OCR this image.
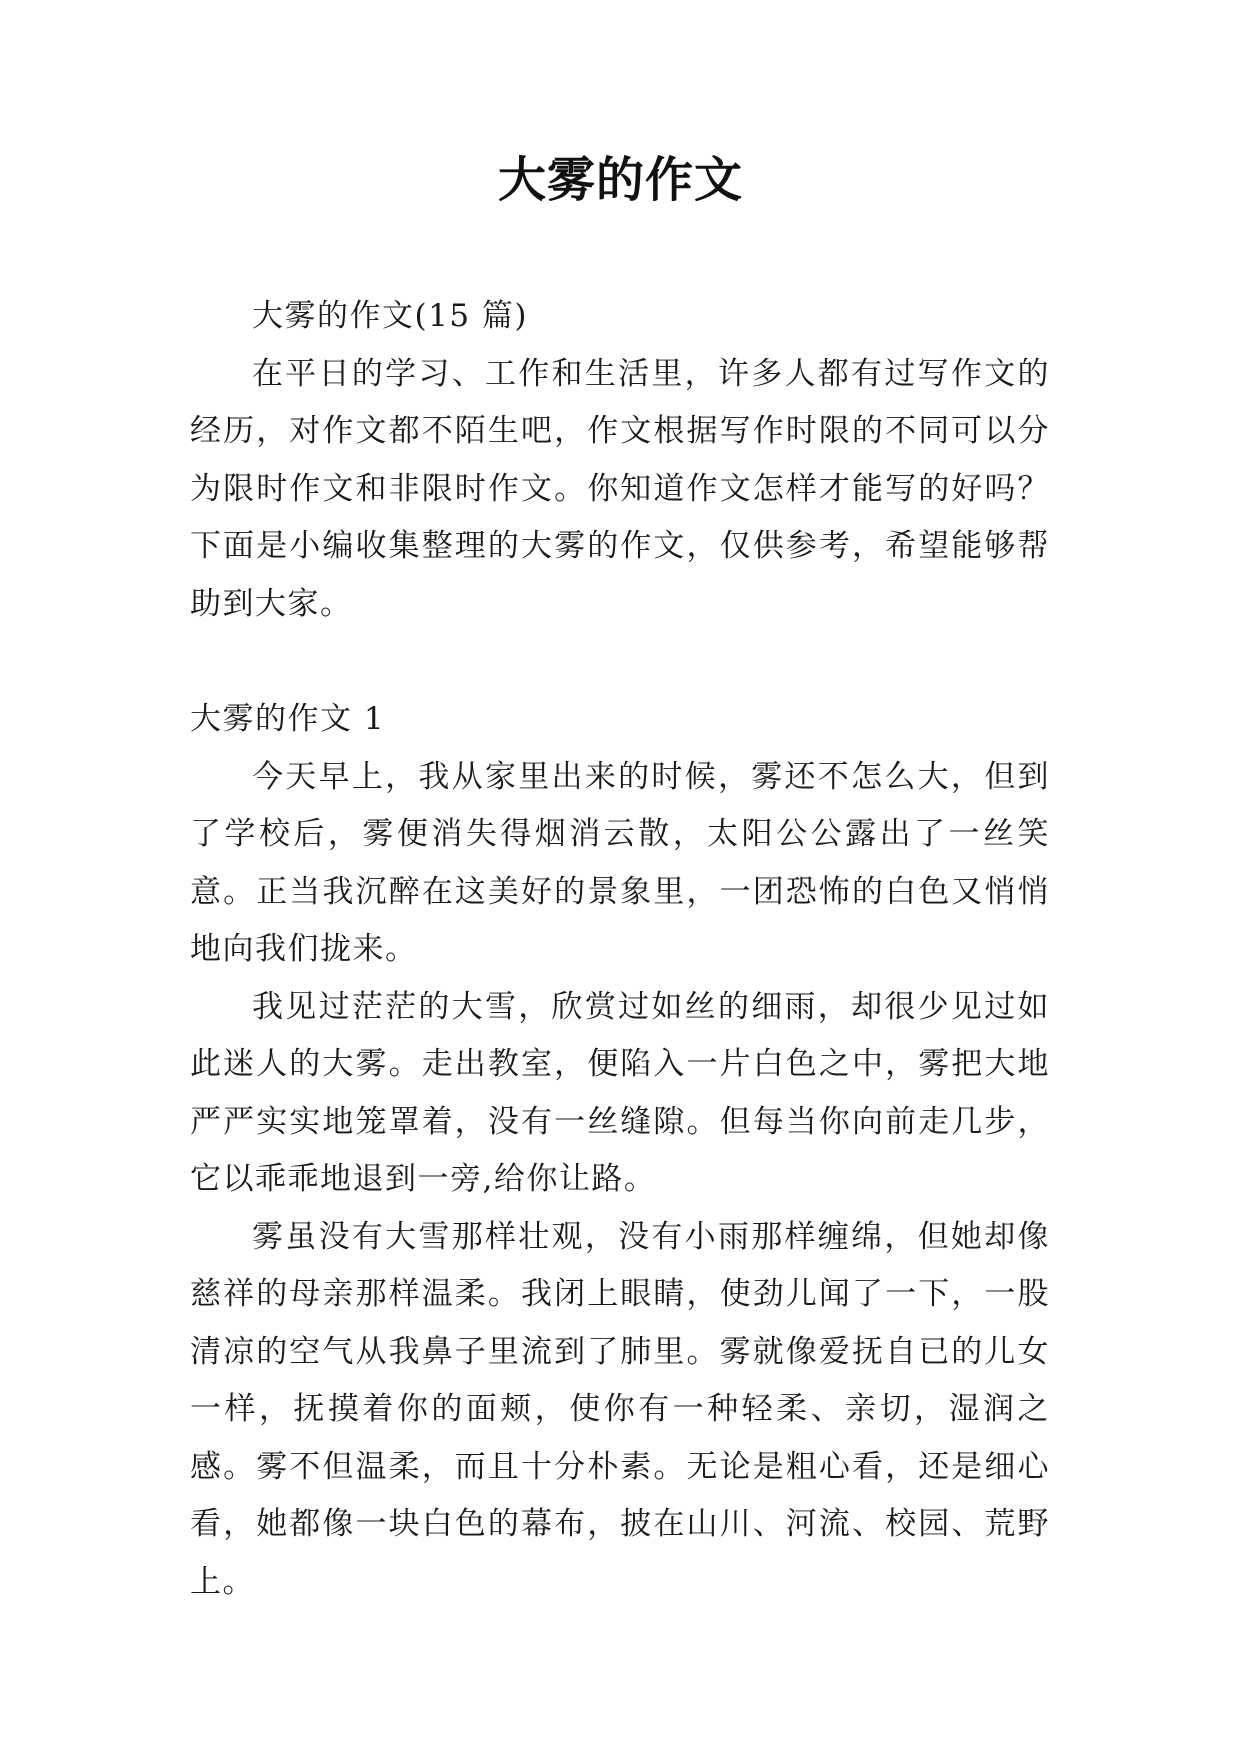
大雾的作文

大雾的作文(15 篇)

在平日的学习、工作和生活里，许多人都有过写作文的经历，对作文都不陌生吧，作文根据写作时限的不同可以分为限时作文和非限时作文。你知道作文怎样才能写的好吗？下面是小编收集整理的大雾的作文，仅供参考，希望能够帮助到大家。

大雾的作文 1

今天早上，我从家里出来的时候，雾还不怎么大，但到了学校后，雾便消失得烟消云散，太阳公公露出了一丝笑意。正当我沉醉在这美好的景象里，一团恐怖的白色又悄悄地向我们拢来。

我见过茫茫的大雪，欣赏过如丝的细雨，却很少见过如此迷人的大雾。走出教室，便陷入一片白色之中，雾把大地严严实实地笼罩着，没有一丝缝隙。但每当你向前走几步，它以乖乖地退到一旁,给你让路。

雾虽没有大雪那样壮观，没有小雨那样缠绵，但她却像慈祥的母亲那样温柔。我闭上眼睛，使劲儿闻了一下，一股清凉的空气从我鼻子里流到了肺里。雾就像爱抚自已的儿女一样，抚摸着你的面颊，使你有一种轻柔、亲切，湿润之感。雾不但温柔，而且十分朴素。无论是粗心看，还是细心看，她都像一块白色的幕布，披在山川、河流、校园、荒野上。
